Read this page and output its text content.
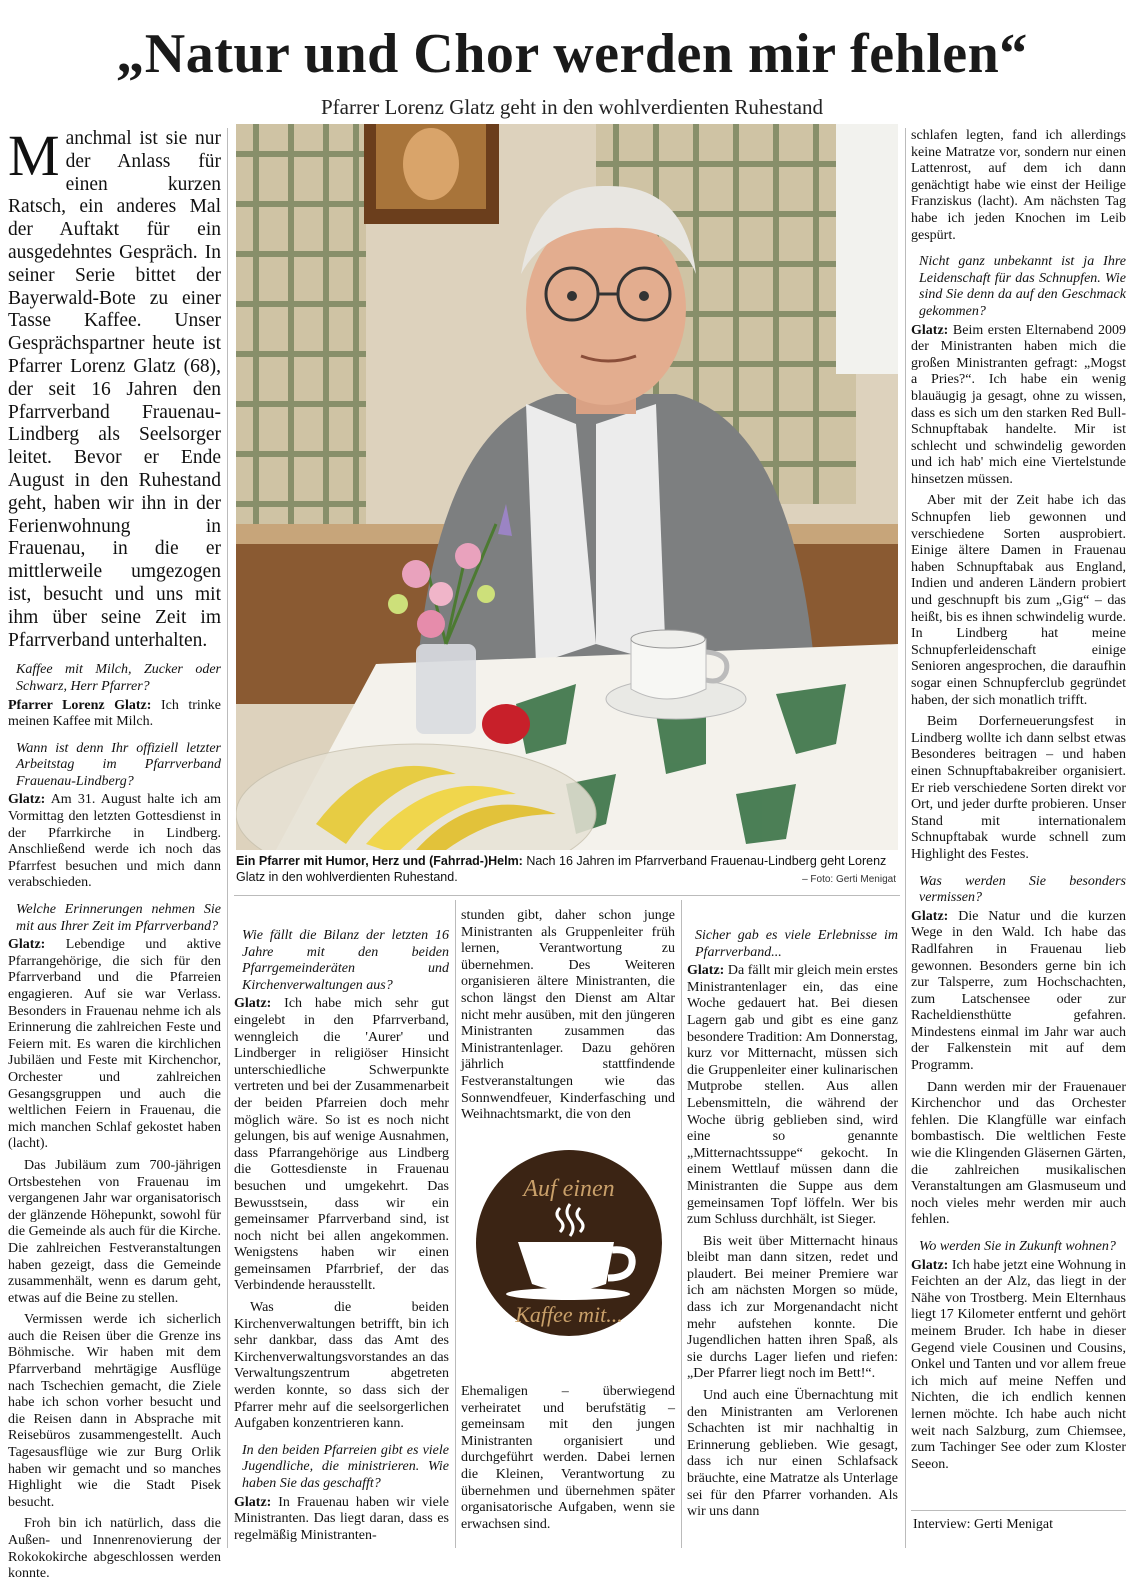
„Natur und Chor werden mir fehlen“
Pfarrer Lorenz Glatz geht in den wohlverdienten Ruhestand

Manchmal ist sie nur der Anlass für einen kurzen Ratsch, ein anderes Mal der Auftakt für ein ausgedehntes Gespräch. In seiner Serie bittet der Bayerwald-Bote zu einer Tasse Kaffee. Unser Gesprächspartner heute ist Pfarrer Lorenz Glatz (68), der seit 16 Jahren den Pfarrverband Frauenau-Lindberg als Seelsorger leitet. Bevor er Ende August in den Ruhestand geht, haben wir ihn in der Ferienwohnung in Frauenau, in die er mittlerweile umgezogen ist, besucht und uns mit ihm über seine Zeit im Pfarrverband unterhalten.

Kaffee mit Milch, Zucker oder Schwarz, Herr Pfarrer?

Pfarrer Lorenz Glatz: Ich trinke meinen Kaffee mit Milch.

Wann ist denn Ihr offiziell letzter Arbeitstag im Pfarrverband Frauenau-Lindberg?

Glatz: Am 31. August halte ich am Vormittag den letzten Gottesdienst in der Pfarrkirche in Lindberg. Anschließend werde ich noch das Pfarrfest besuchen und mich dann verabschieden.

Welche Erinnerungen nehmen Sie mit aus Ihrer Zeit im Pfarrverband?

Glatz: Lebendige und aktive Pfarrangehörige, die sich für den Pfarrverband und die Pfarreien engagieren. Auf sie war Verlass. Besonders in Frauenau nehme ich als Erinnerung die zahlreichen Feste und Feiern mit. Es waren die kirchlichen Jubiläen und Feste mit Kirchenchor, Orchester und zahlreichen Gesangsgruppen und auch die weltlichen Feiern in Frauenau, die mich manchen Schlaf gekostet haben (lacht).

Das Jubiläum zum 700-jährigen Ortsbestehen von Frauenau im vergangenen Jahr war organisatorisch der glänzende Höhepunkt, sowohl für die Gemeinde als auch für die Kirche. Die zahlreichen Festveranstaltungen haben gezeigt, dass die Gemeinde zusammenhält, wenn es darum geht, etwas auf die Beine zu stellen.

Vermissen werde ich sicherlich auch die Reisen über die Grenze ins Böhmische. Wir haben mit dem Pfarrverband mehrtägige Ausflüge nach Tschechien gemacht, die Ziele habe ich schon vorher besucht und die Reisen dann in Absprache mit Reisebüros zusammengestellt. Auch Tagesausflüge wie zur Burg Orlik haben wir gemacht und so manches Highlight wie die Stadt Pisek besucht.

Froh bin ich natürlich, dass die Außen- und Innenrenovierung der Rokokokirche abgeschlossen werden konnte.

Ein Pfarrer mit Humor, Herz und (Fahrrad-)Helm: Nach 16 Jahren im Pfarrverband Frauenau-Lindberg geht Lorenz Glatz in den wohlverdienten Ruhestand.	– Foto: Gerti Menigat

Wie fällt die Bilanz der letzten 16 Jahre mit den beiden Pfarrgemeinderäten und Kirchenverwaltungen aus?

Glatz: Ich habe mich sehr gut eingelebt in den Pfarrverband, wenngleich die 'Aurer' und Lindberger in religiöser Hinsicht unterschiedliche Schwerpunkte vertreten und bei der Zusammenarbeit der beiden Pfarreien doch mehr möglich wäre. So ist es noch nicht gelungen, bis auf wenige Ausnahmen, dass Pfarrangehörige aus Lindberg die Gottesdienste in Frauenau besuchen und umgekehrt. Das Bewusstsein, dass wir ein gemeinsamer Pfarrverband sind, ist noch nicht bei allen angekommen. Wenigstens haben wir einen gemeinsamen Pfarrbrief, der das Verbindende herausstellt.

Was die beiden Kirchenverwaltungen betrifft, bin ich sehr dankbar, dass das Amt des Kirchenverwaltungsvorstandes an das Verwaltungszentrum abgetreten werden konnte, so dass sich der Pfarrer mehr auf die seelsorgerlichen Aufgaben konzentrieren kann.

In den beiden Pfarreien gibt es viele Jugendliche, die ministrieren. Wie haben Sie das geschafft?

Glatz: In Frauenau haben wir viele Ministranten. Das liegt daran, dass es regelmäßig Ministranten-

stunden gibt, daher schon junge Ministranten als Gruppenleiter früh lernen, Verantwortung zu übernehmen. Des Weiteren organisieren ältere Ministranten, die schon längst den Dienst am Altar nicht mehr ausüben, mit den jüngeren Ministranten zusammen das Ministrantenlager. Dazu gehören jährlich stattfindende Festveranstaltungen wie das Sonnwendfeuer, Kinderfasching und Weihnachtsmarkt, die von den

Auf einen
Kaffee mit...

Ehemaligen – überwiegend verheiratet und berufstätig – gemeinsam mit den jungen Ministranten organisiert und durchgeführt werden. Dabei lernen die Kleinen, Verantwortung zu übernehmen und übernehmen später organisatorische Aufgaben, wenn sie erwachsen sind.

Sicher gab es viele Erlebnisse im Pfarrverband...

Glatz: Da fällt mir gleich mein erstes Ministrantenlager ein, das eine Woche gedauert hat. Bei diesen Lagern gab und gibt es eine ganz besondere Tradition: Am Donnerstag, kurz vor Mitternacht, müssen sich die Gruppenleiter einer kulinarischen Mutprobe stellen. Aus allen Lebensmitteln, die während der Woche übrig geblieben sind, wird eine so genannte „Mitternachtssuppe“ gekocht. In einem Wettlauf müssen dann die Ministranten die Suppe aus dem gemeinsamen Topf löffeln. Wer bis zum Schluss durchhält, ist Sieger.

Bis weit über Mitternacht hinaus bleibt man dann sitzen, redet und plaudert. Bei meiner Premiere war ich am nächsten Morgen so müde, dass ich zur Morgenandacht nicht mehr aufstehen konnte. Die Jugendlichen hatten ihren Spaß, als sie durchs Lager liefen und riefen: „Der Pfarrer liegt noch im Bett!“.

Und auch eine Übernachtung mit den Ministranten am Verlorenen Schachten ist mir nachhaltig in Erinnerung geblieben. Wie gesagt, dass ich nur einen Schlafsack bräuchte, eine Matratze als Unterlage sei für den Pfarrer vorhanden. Als wir uns dann

schlafen legten, fand ich allerdings keine Matratze vor, sondern nur einen Lattenrost, auf dem ich dann genächtigt habe wie einst der Heilige Franziskus (lacht). Am nächsten Tag habe ich jeden Knochen im Leib gespürt.

Nicht ganz unbekannt ist ja Ihre Leidenschaft für das Schnupfen. Wie sind Sie denn da auf den Geschmack gekommen?

Glatz: Beim ersten Elternabend 2009 der Ministranten haben mich die großen Ministranten gefragt: „Mogst a Pries?“. Ich habe ein wenig blauäugig ja gesagt, ohne zu wissen, dass es sich um den starken Red Bull-Schnupftabak handelte. Mir ist schlecht und schwindelig geworden und ich hab' mich eine Viertelstunde hinsetzen müssen.

Aber mit der Zeit habe ich das Schnupfen lieb gewonnen und verschiedene Sorten ausprobiert. Einige ältere Damen in Frauenau haben Schnupftabak aus England, Indien und anderen Ländern probiert und geschnupft bis zum „Gig“ – das heißt, bis es ihnen schwindelig wurde. In Lindberg hat meine Schnupferleidenschaft einige Senioren angesprochen, die daraufhin sogar einen Schnupferclub gegründet haben, der sich monatlich trifft.

Beim Dorferneuerungsfest in Lindberg wollte ich dann selbst etwas Besonderes beitragen – und haben einen Schnupftabakreiber organisiert. Er rieb verschiedene Sorten direkt vor Ort, und jeder durfte probieren. Unser Stand mit internationalem Schnupftabak wurde schnell zum Highlight des Festes.

Was werden Sie besonders vermissen?

Glatz: Die Natur und die kurzen Wege in den Wald. Ich habe das Radlfahren in Frauenau lieb gewonnen. Besonders gerne bin ich zur Talsperre, zum Hochschachten, zum Latschensee oder zur Racheldiensthütte gefahren. Mindestens einmal im Jahr war auch der Falkenstein mit auf dem Programm.

Dann werden mir der Frauenauer Kirchenchor und das Orchester fehlen. Die Klangfülle war einfach bombastisch. Die weltlichen Feste wie die Klingenden Gläsernen Gärten, die zahlreichen musikalischen Veranstaltungen am Glasmuseum und noch vieles mehr werden mir auch fehlen.

Wo werden Sie in Zukunft wohnen?

Glatz: Ich habe jetzt eine Wohnung in Feichten an der Alz, das liegt in der Nähe von Trostberg. Mein Elternhaus liegt 17 Kilometer entfernt und gehört meinem Bruder. Ich habe in dieser Gegend viele Cousinen und Cousins, Onkel und Tanten und vor allem freue ich mich auf meine Neffen und Nichten, die ich endlich kennen lernen möchte. Ich habe auch nicht weit nach Salzburg, zum Chiemsee, zum Tachinger See oder zum Kloster Seeon.

Interview: Gerti Menigat
